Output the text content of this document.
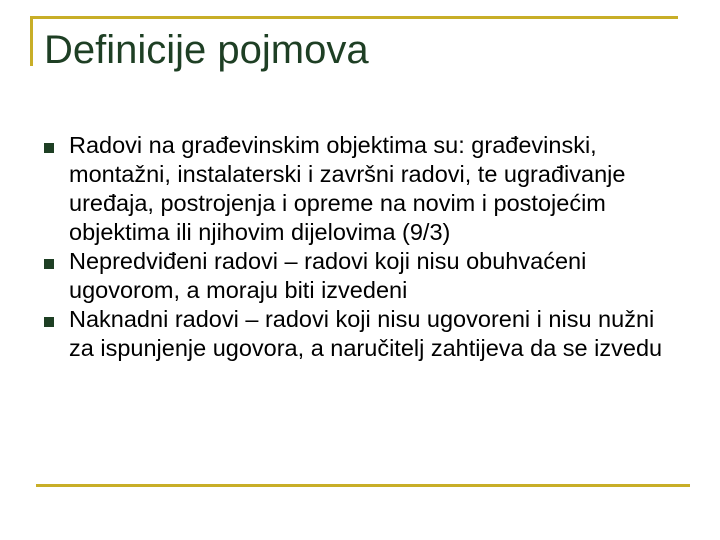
Definicije pojmova
Radovi na građevinskim objektima su: građevinski, montažni, instalaterski i završni radovi, te ugrađivanje uređaja, postrojenja i opreme na novim i postojećim objektima ili njihovim dijelovima (9/3)
Nepredviđeni radovi – radovi koji nisu obuhvaćeni ugovorom, a moraju biti izvedeni
Naknadni radovi – radovi koji nisu ugovoreni i nisu nužni za ispunjenje ugovora, a naručitelj zahtijeva da se izvedu
